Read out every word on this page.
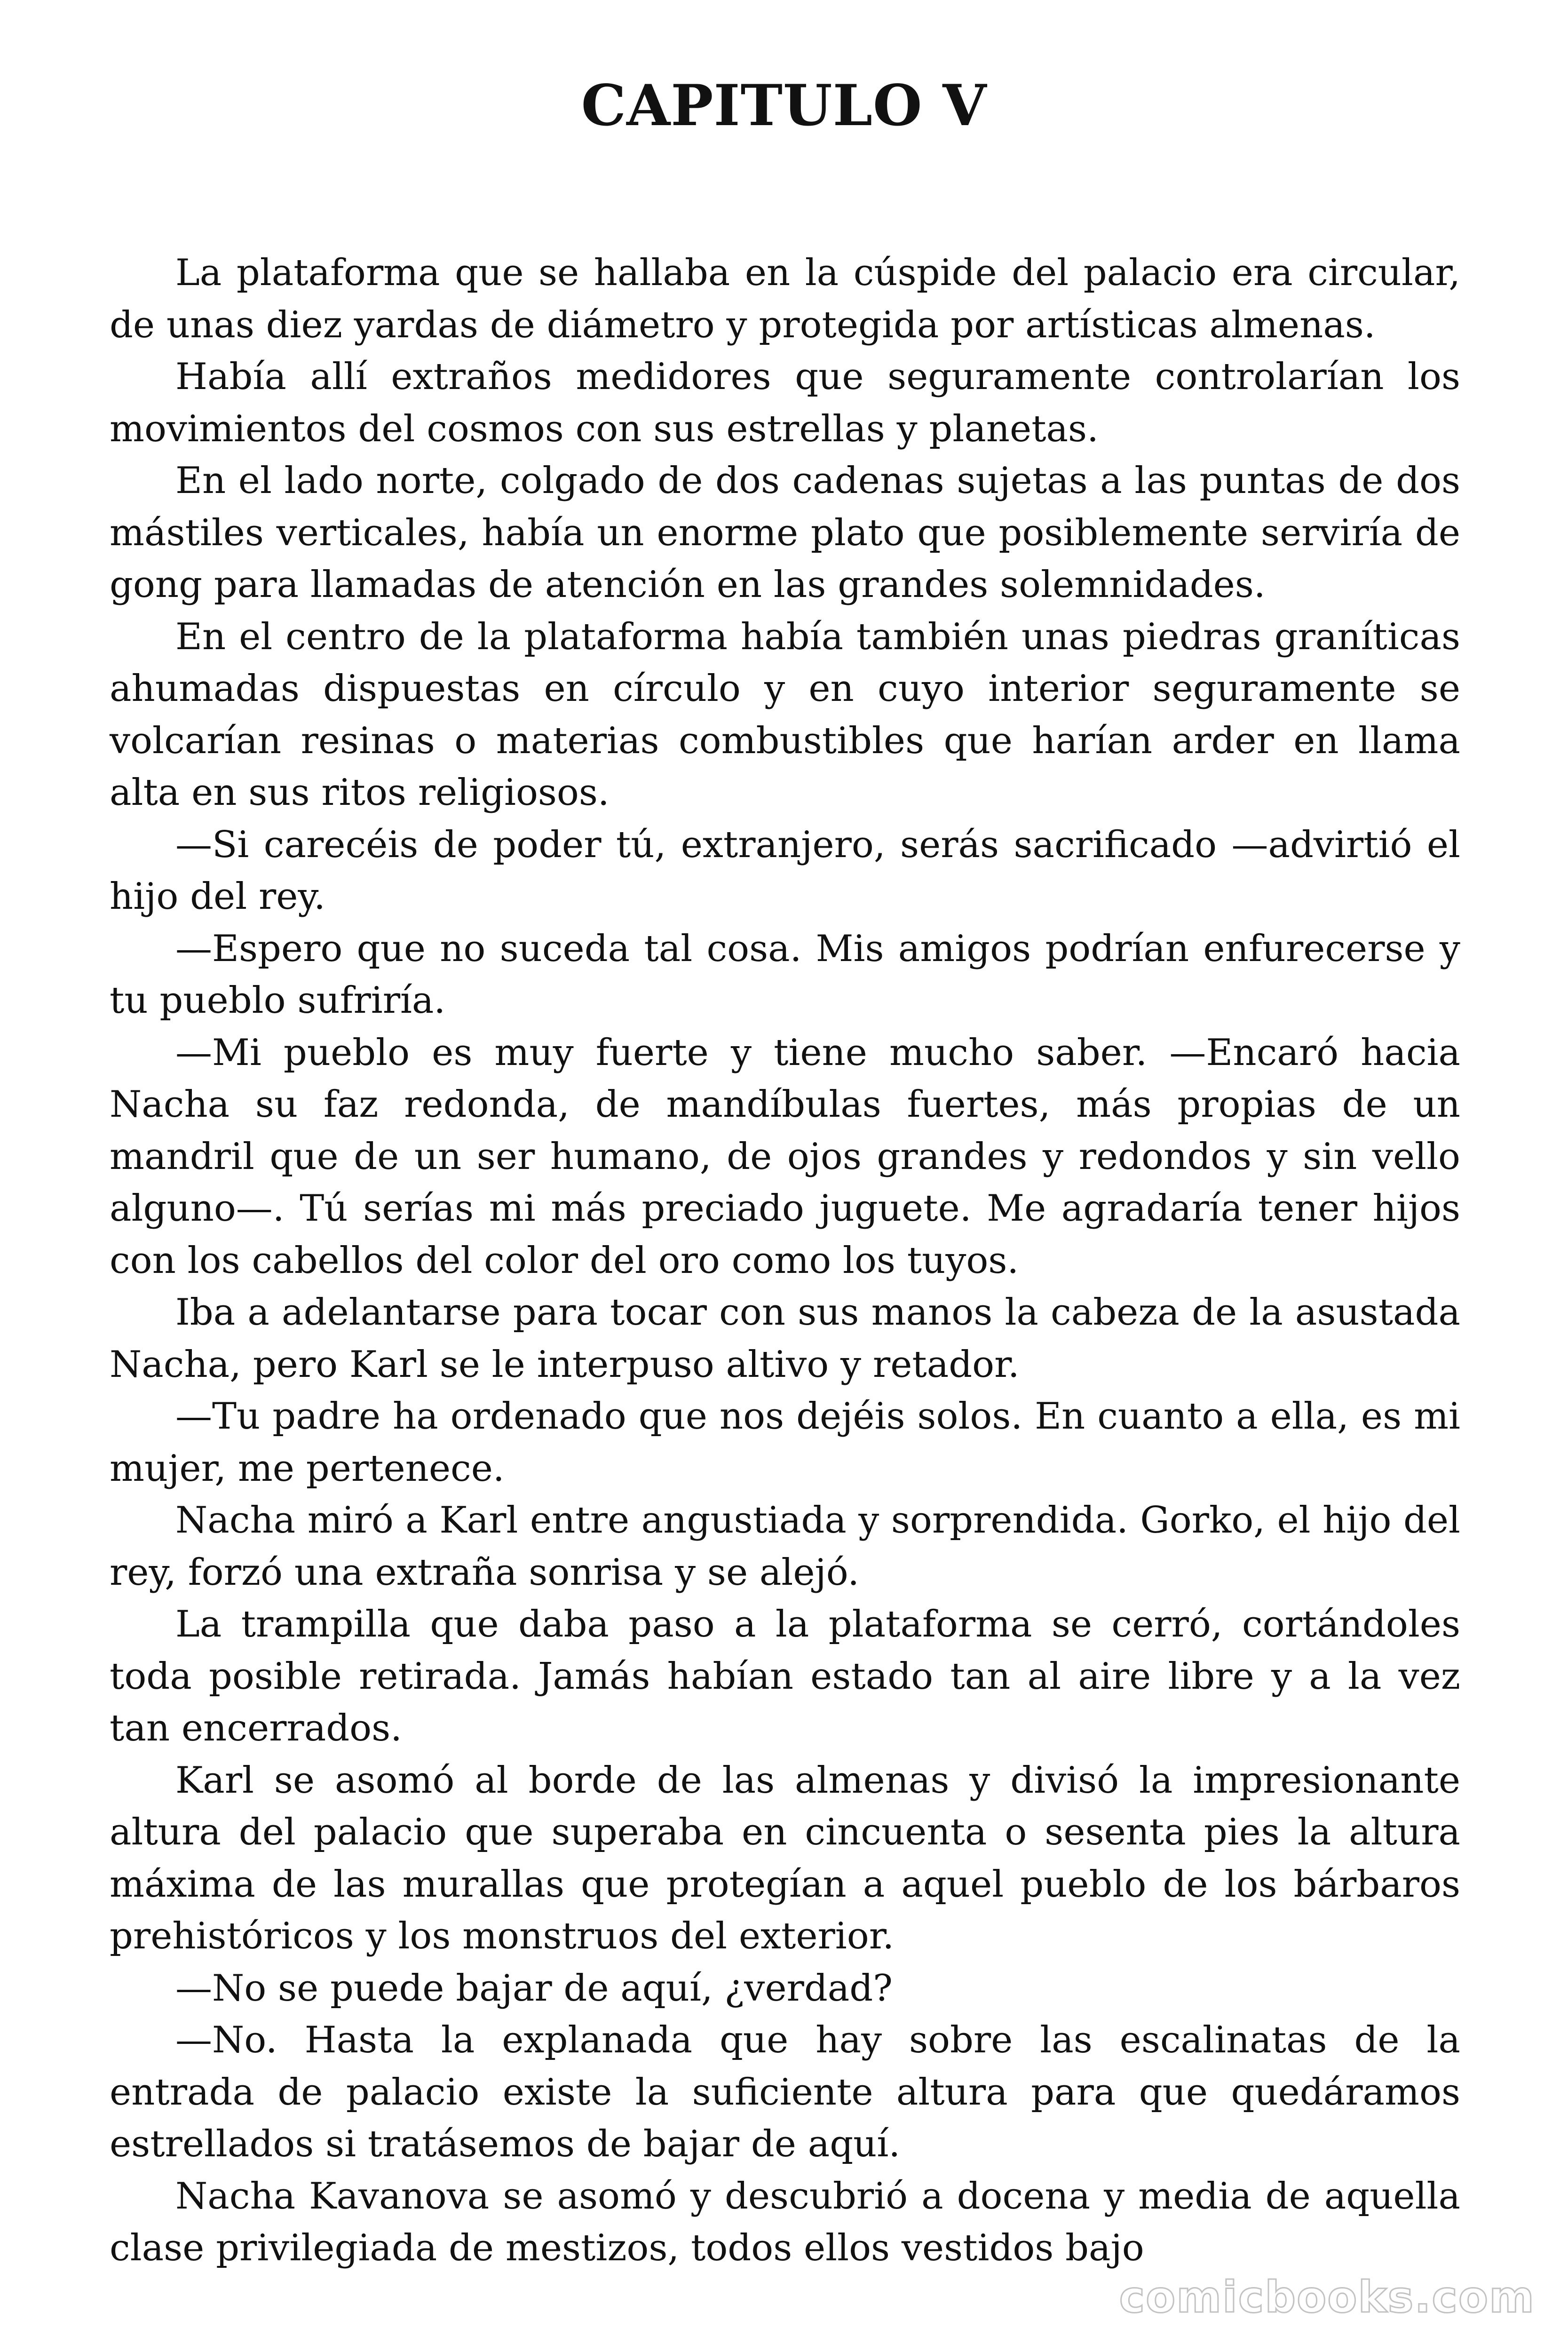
CAPITULO V

La plataforma que se hallaba en la cúspide del palacio era circular, de unas diez yardas de diámetro y protegida por artísticas almenas.

Había allí extraños medidores que seguramente controlarían los movimientos del cosmos con sus estrellas y planetas.

En el lado norte, colgado de dos cadenas sujetas a las puntas de dos mástiles verticales, había un enorme plato que posiblemente serviría de gong para llamadas de atención en las grandes solemnidades.

En el centro de la plataforma había también unas piedras graníticas ahumadas dispuestas en círculo y en cuyo interior seguramente se volcarían resinas o materias combustibles que harían arder en llama alta en sus ritos religiosos.

—Si carecéis de poder tú, extranjero, serás sacrificado —advirtió el hijo del rey.

—Espero que no suceda tal cosa. Mis amigos podrían enfurecerse y tu pueblo sufriría.

—Mi pueblo es muy fuerte y tiene mucho saber. —Encaró hacia Nacha su faz redonda, de mandíbulas fuertes, más propias de un mandril que de un ser humano, de ojos grandes y redondos y sin vello alguno—. Tú serías mi más preciado juguete. Me agradaría tener hijos con los cabellos del color del oro como los tuyos.

Iba a adelantarse para tocar con sus manos la cabeza de la asustada Nacha, pero Karl se le interpuso altivo y retador.

—Tu padre ha ordenado que nos dejéis solos. En cuanto a ella, es mi mujer, me pertenece.

Nacha miró a Karl entre angustiada y sorprendida. Gorko, el hijo del rey, forzó una extraña sonrisa y se alejó.

La trampilla que daba paso a la plataforma se cerró, cortándoles toda posible retirada. Jamás habían estado tan al aire libre y a la vez tan encerrados.

Karl se asomó al borde de las almenas y divisó la impresionante altura del palacio que superaba en cincuenta o sesenta pies la altura máxima de las murallas que protegían a aquel pueblo de los bárbaros prehistóricos y los monstruos del exterior.

—No se puede bajar de aquí, ¿verdad?

—No. Hasta la explanada que hay sobre las escalinatas de la entrada de palacio existe la suficiente altura para que quedáramos estrellados si tratásemos de bajar de aquí.

Nacha Kavanova se asomó y descubrió a docena y media de aquella clase privilegiada de mestizos, todos ellos vestidos bajo

comicbooks.com
